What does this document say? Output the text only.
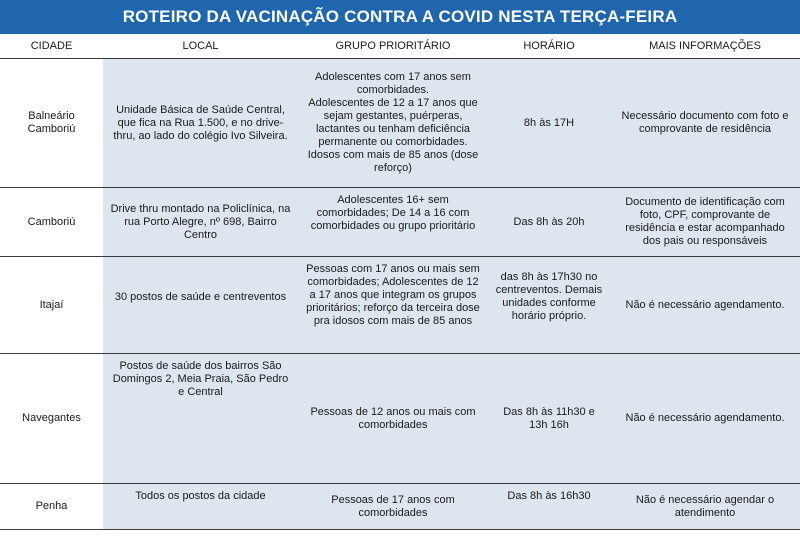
ROTEIRO DA VACINAÇÃO CONTRA A COVID NESTA TERÇA-FEIRA
CIDADE	LOCAL	GRUPO PRIORITÁRIO	HORÁRIO	MAIS INFORMAÇÕES
Balneário Camboriú	Unidade Básica de Saúde Central, que fica na Rua 1.500, e no drive-thru, ao lado do colégio Ivo Silveira.	Adolescentes com 17 anos sem comorbidades.
Adolescentes de 12 a 17 anos que sejam gestantes, puérperas, lactantes ou tenham deficiência permanente ou comorbidades.
Idosos com mais de 85 anos (dose reforço)	8h às 17H	Necessário documento com foto e comprovante de residência
Camboriú	Drive thru montado na Policlínica, na rua Porto Alegre, nº 698, Bairro Centro	Adolescentes 16+ sem comorbidades; De 14 a 16 com comorbidades ou grupo prioritário	Das 8h às 20h	Documento de identificação com foto, CPF, comprovante de residência e estar acompanhado dos pais ou responsáveis
Itajaí	30 postos de saúde e centreventos	Pessoas com 17 anos ou mais sem comorbidades; Adolescentes de 12 a 17 anos que integram os grupos prioritários; reforço da terceira dose pra idosos com mais de 85 anos	das 8h às 17h30 no centreventos. Demais unidades conforme horário próprio.	Não é necessário agendamento.
Navegantes	Postos de saúde dos bairros São Domingos 2, Meia Praia, São Pedro e Central	Pessoas de 12 anos ou mais com comorbidades	Das 8h às 11h30 e 13h 16h	Não é necessário agendamento.
Penha	Todos os postos da cidade	Pessoas de 17 anos com comorbidades	Das 8h às 16h30	Não é necessário agendar o atendimento
